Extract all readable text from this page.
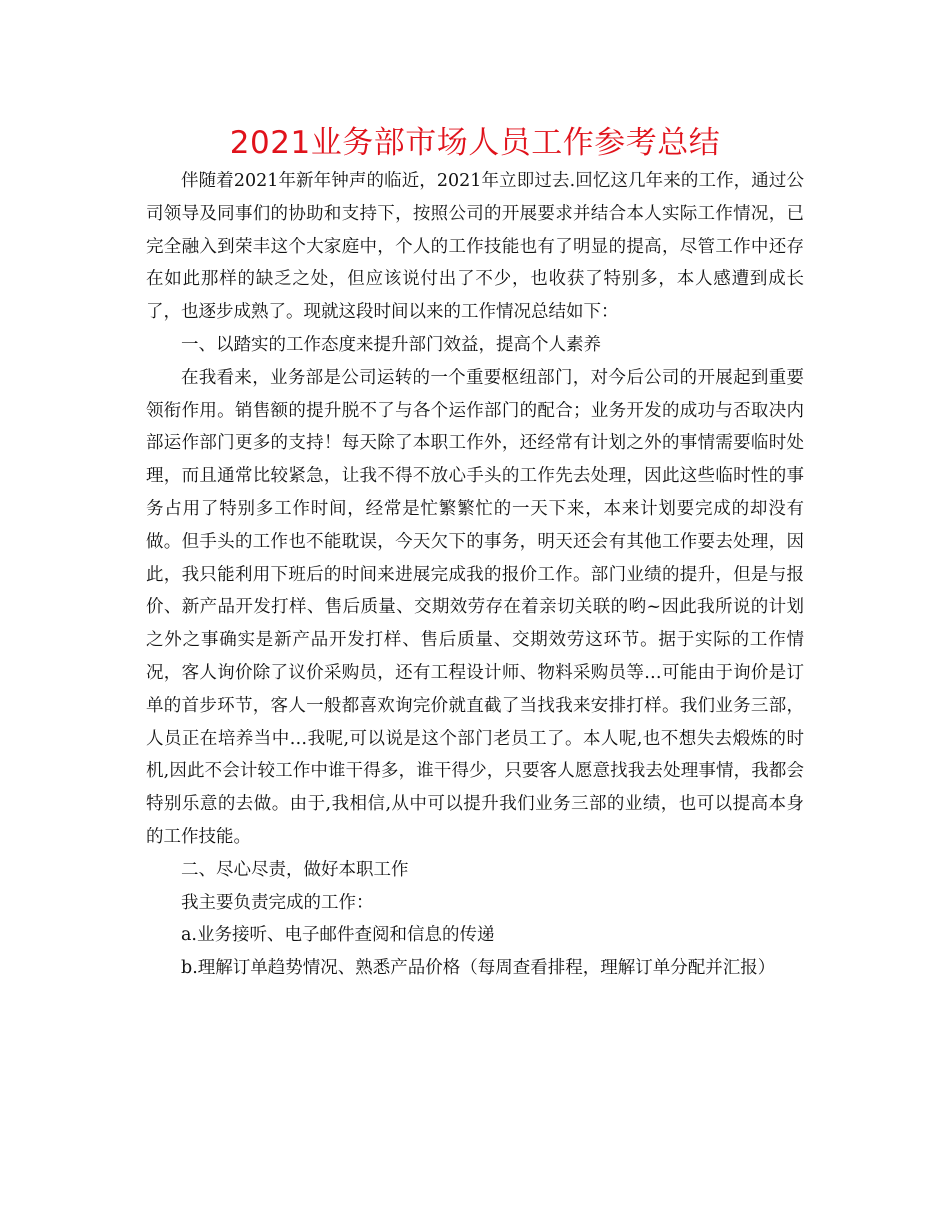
2021业务部市场人员工作参考总结

伴随着2021年新年钟声的临近，2021年立即过去.回忆这几年来的工作，通过公司领导及同事们的协助和支持下，按照公司的开展要求并结合本人实际工作情况，已完全融入到荣丰这个大家庭中，个人的工作技能也有了明显的提高，尽管工作中还存在如此那样的缺乏之处，但应该说付出了不少，也收获了特别多，本人感遭到成长了，也逐步成熟了。现就这段时间以来的工作情况总结如下：

一、以踏实的工作态度来提升部门效益，提高个人素养

在我看来，业务部是公司运转的一个重要枢纽部门，对今后公司的开展起到重要领衔作用。销售额的提升脱不了与各个运作部门的配合；业务开发的成功与否取决内部运作部门更多的支持！每天除了本职工作外，还经常有计划之外的事情需要临时处理，而且通常比较紧急，让我不得不放心手头的工作先去处理，因此这些临时性的事务占用了特别多工作时间，经常是忙繁繁忙的一天下来，本来计划要完成的却没有做。但手头的工作也不能耽误，今天欠下的事务，明天还会有其他工作要去处理，因此，我只能利用下班后的时间来进展完成我的报价工作。部门业绩的提升，但是与报价、新产品开发打样、售后质量、交期效劳存在着亲切关联的哟~因此我所说的计划之外之事确实是新产品开发打样、售后质量、交期效劳这环节。据于实际的工作情况，客人询价除了议价采购员，还有工程设计师、物料采购员等…可能由于询价是订单的首步环节，客人一般都喜欢询完价就直截了当找我来安排打样。我们业务三部，人员正在培养当中…我呢,可以说是这个部门老员工了。本人呢,也不想失去煅炼的时机,因此不会计较工作中谁干得多，谁干得少，只要客人愿意找我去处理事情，我都会特别乐意的去做。由于,我相信,从中可以提升我们业务三部的业绩，也可以提高本身的工作技能。

二、尽心尽责，做好本职工作

我主要负责完成的工作：

a.业务接听、电子邮件查阅和信息的传递

b.理解订单趋势情况、熟悉产品价格（每周查看排程，理解订单分配并汇报）
